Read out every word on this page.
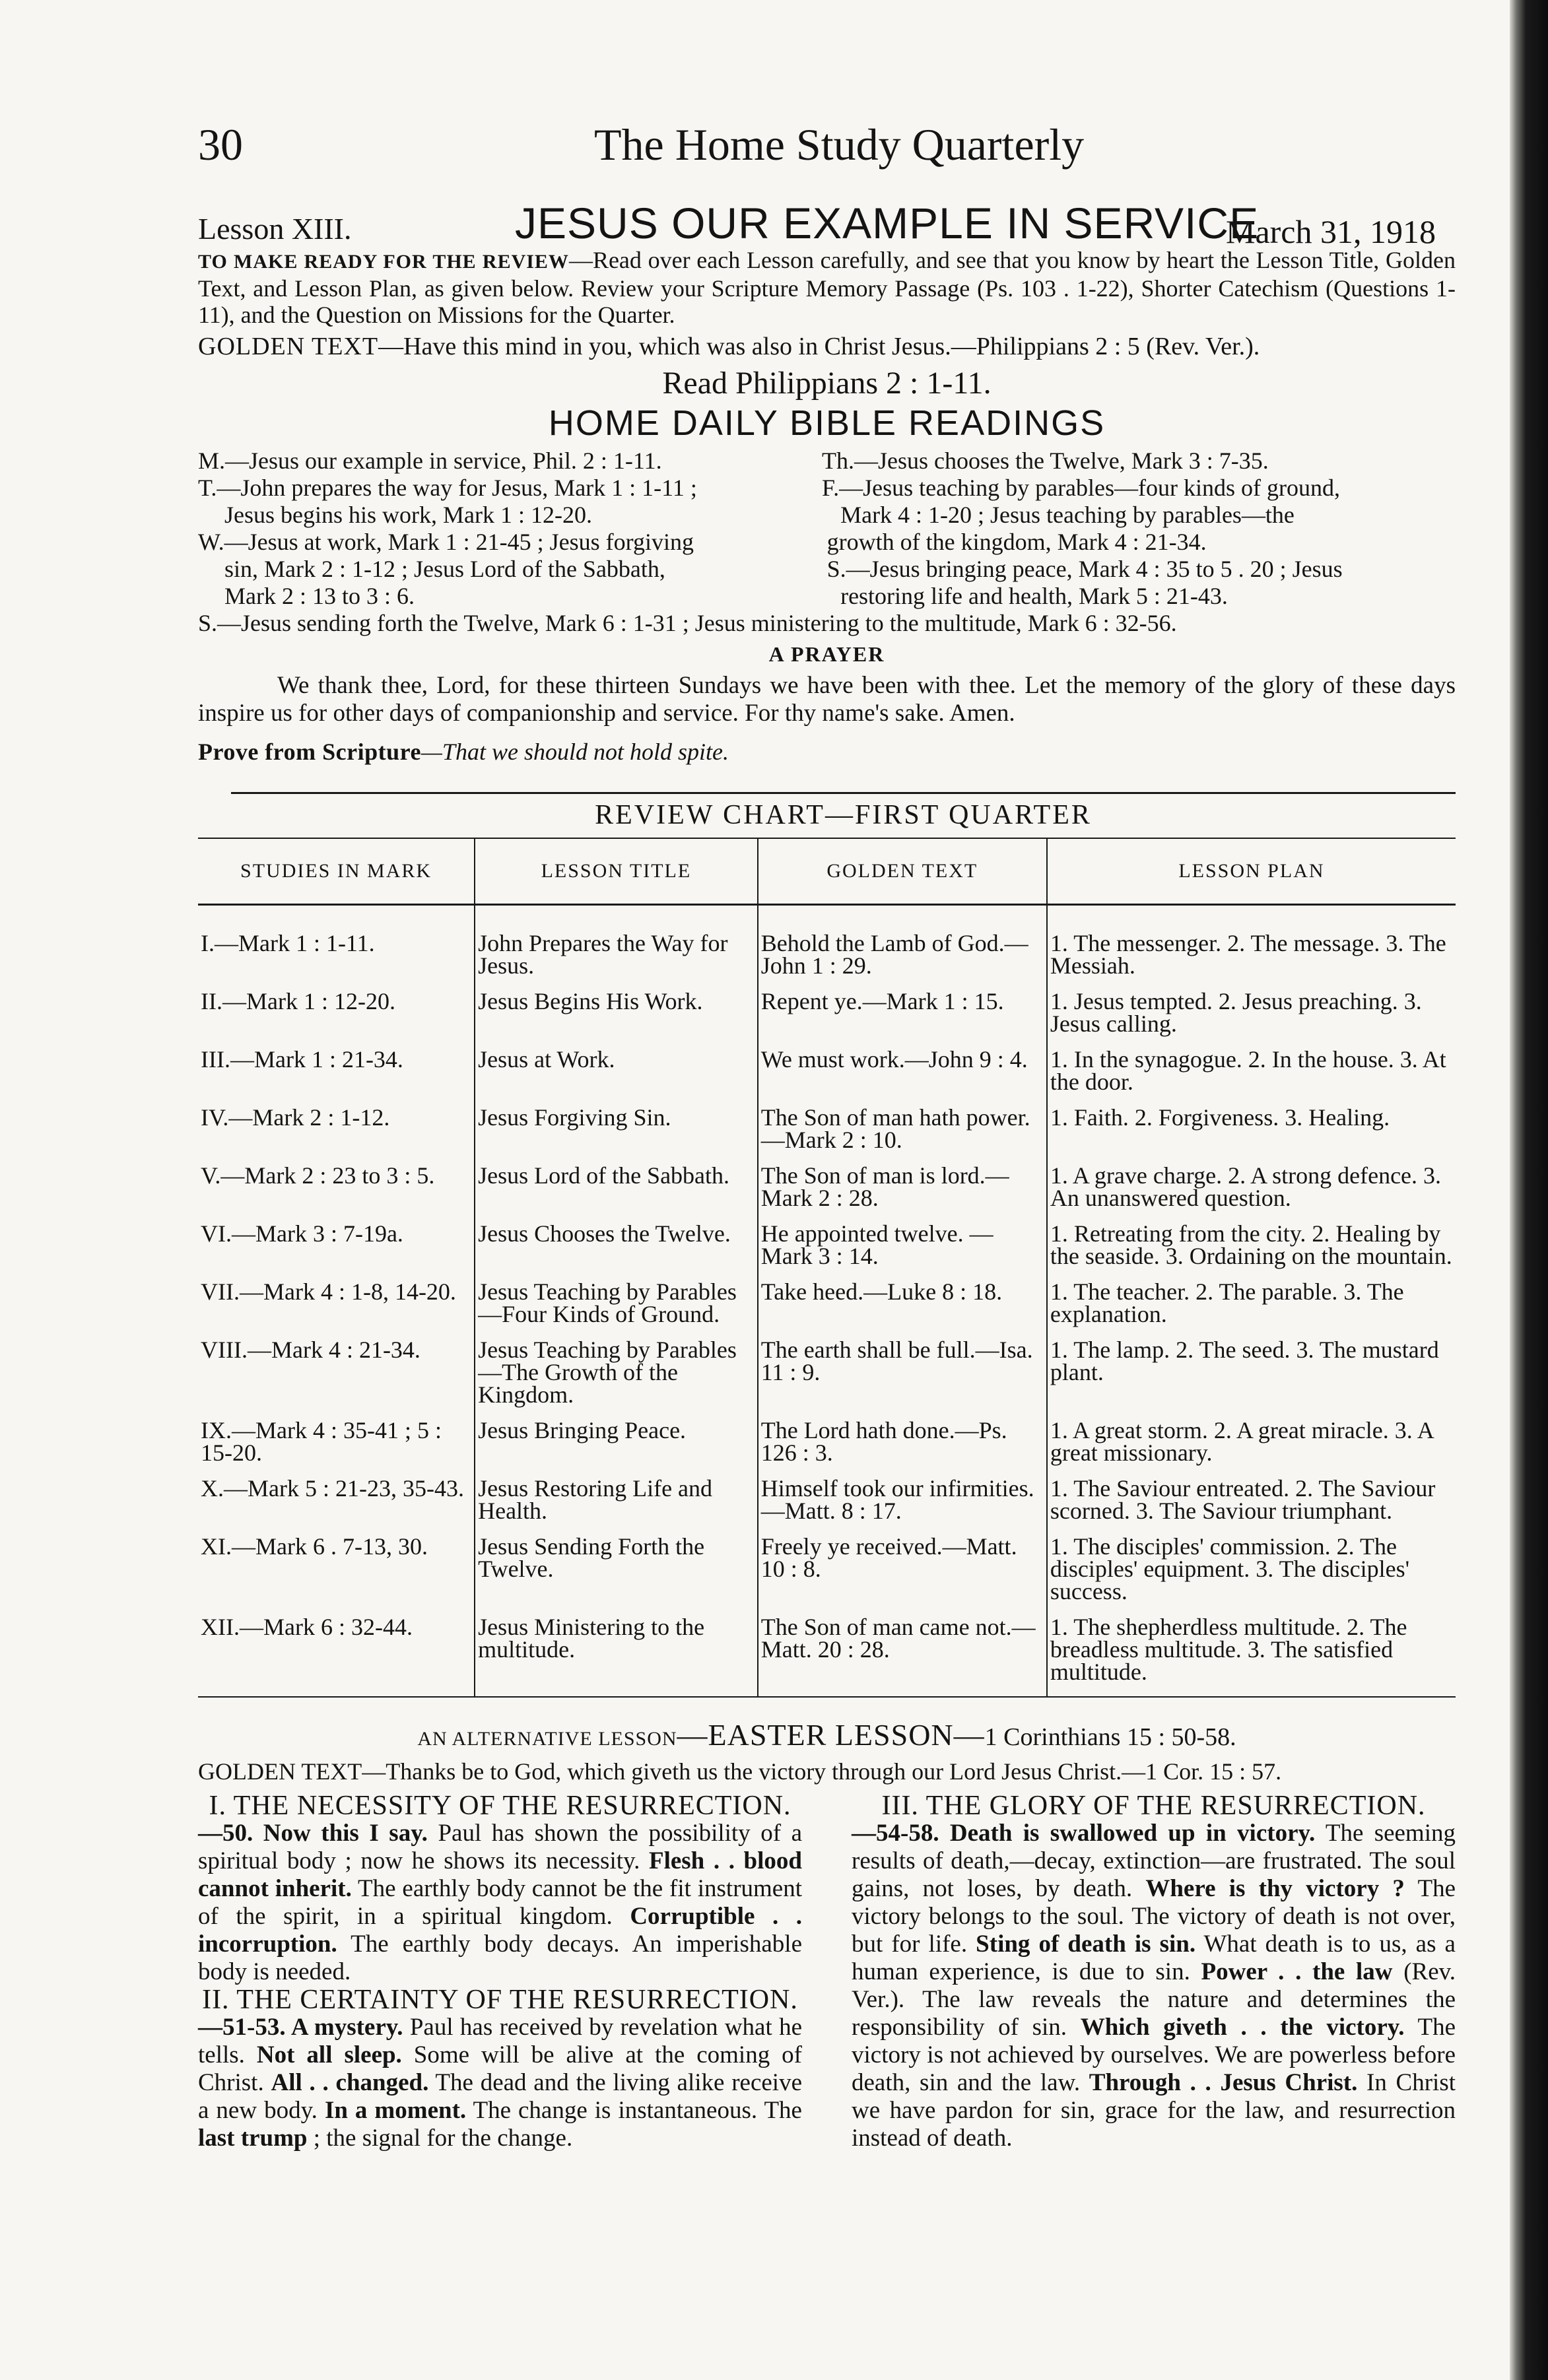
30	The Home Study Quarterly
Lesson XIII.	JESUS OUR EXAMPLE IN SERVICE
March 31, 1918

TO MAKE READY FOR THE REVIEW—Read over each Lesson carefully, and see that you know by heart the Lesson Title, Golden Text, and Lesson Plan, as given below. Review your Scripture Memory Passage (Ps. 103 . 1-22), Shorter Catechism (Questions 1-11), and the Question on Missions for the Quarter.

GOLDEN TEXT—Have this mind in you, which was also in Christ Jesus.—Philippians 2 : 5 (Rev. Ver.).
Read Philippians 2 : 1-11.
HOME DAILY BIBLE READINGS
M.—Jesus our example in service, Phil. 2 : 1-11.	Th.—Jesus chooses the Twelve, Mark 3 : 7-35.
T.—John prepares the way for Jesus, Mark 1 : 1-11 ;	F.—Jesus teaching by parables—four kinds of ground,
Jesus begins his work, Mark 1 : 12-20.	Mark 4 : 1-20 ; Jesus teaching by parables—the
W.—Jesus at work, Mark 1 : 21-45 ; Jesus forgiving	growth of the kingdom, Mark 4 : 21-34.
sin, Mark 2 : 1-12 ; Jesus Lord of the Sabbath,	S.—Jesus bringing peace, Mark 4 : 35 to 5 . 20 ; Jesus
Mark 2 : 13 to 3 : 6.	restoring life and health, Mark 5 : 21-43.
S.—Jesus sending forth the Twelve, Mark 6 : 1-31 ; Jesus ministering to the multitude, Mark 6 : 32-56.
A PRAYER

We thank thee, Lord, for these thirteen Sundays we have been with thee. Let the memory of the glory of these days inspire us for other days of companionship and service. For thy name's sake. Amen.

Prove from Scripture—That we should not hold spite.
REVIEW CHART—FIRST QUARTER
STUDIES IN MARK	LESSON TITLE	GOLDEN TEXT	LESSON PLAN
I.—Mark 1 : 1-11.	John Prepares the Way for Jesus.	Behold the Lamb of God.—John 1 : 29.	1. The messenger. 2. The message. 3. The Messiah.
II.—Mark 1 : 12-20.	Jesus Begins His Work.	Repent ye.—Mark 1 : 15.	1. Jesus tempted. 2. Jesus preaching. 3. Jesus calling.
III.—Mark 1 : 21-34.	Jesus at Work.	We must work.—John 9 : 4.	1. In the synagogue. 2. In the house. 3. At the door.
IV.—Mark 2 : 1-12.	Jesus Forgiving Sin.	The Son of man hath power.—Mark 2 : 10.	1. Faith. 2. Forgiveness. 3. Healing.
V.—Mark 2 : 23 to 3 : 5.	Jesus Lord of the Sabbath.	The Son of man is lord.—Mark 2 : 28.	1. A grave charge. 2. A strong defence. 3. An unanswered question.
VI.—Mark 3 : 7-19a.	Jesus Chooses the Twelve.	He appointed twelve. —Mark 3 : 14.	1. Retreating from the city. 2. Healing by the seaside. 3. Ordaining on the mountain.
VII.—Mark 4 : 1-8, 14-20.	Jesus Teaching by Parables —Four Kinds of Ground.	Take heed.—Luke 8 : 18.	1. The teacher. 2. The parable. 3. The explanation.
VIII.—Mark 4 : 21-34.	Jesus Teaching by Parables—The Growth of the Kingdom.	The earth shall be full.—Isa. 11 : 9.	1. The lamp. 2. The seed. 3. The mustard plant.
IX.—Mark 4 : 35-41 ; 5 : 15-20.	Jesus Bringing Peace.	The Lord hath done.—Ps. 126 : 3.	1. A great storm. 2. A great miracle. 3. A great missionary.
X.—Mark 5 : 21-23, 35-43.	Jesus Restoring Life and Health.	Himself took our infirmities.—Matt. 8 : 17.	1. The Saviour entreated. 2. The Saviour scorned. 3. The Saviour triumphant.
XI.—Mark 6 . 7-13, 30.	Jesus Sending Forth the Twelve.	Freely ye received.—Matt. 10 : 8.	1. The disciples' commission. 2. The disciples' equipment. 3. The disciples' success.
XII.—Mark 6 : 32-44.	Jesus Ministering to the multitude.	The Son of man came not.—Matt. 20 : 28.	1. The shepherdless multitude. 2. The breadless multitude. 3. The satisfied multitude.
AN ALTERNATIVE LESSON—EASTER LESSON—1 Corinthians 15 : 50-58.
GOLDEN TEXT—Thanks be to God, which giveth us the victory through our Lord Jesus Christ.—1 Cor. 15 : 57.
I. THE NECESSITY OF THE RESURRECTION.
—50. Now this I say. Paul has shown the possibility of a spiritual body ; now he shows its necessity. Flesh . . blood cannot inherit. The earthly body cannot be the fit instrument of the spirit, in a spiritual kingdom. Corruptible . . incorruption. The earthly body decays. An imperishable body is needed.
II. THE CERTAINTY OF THE RESURRECTION.
—51-53. A mystery. Paul has received by revelation what he tells. Not all sleep. Some will be alive at the coming of Christ. All . . changed. The dead and the living alike receive a new body. In a moment. The change is instantaneous. The last trump ; the signal for the change.
III. THE GLORY OF THE RESURRECTION.
—54-58. Death is swallowed up in victory. The seeming results of death,—decay, extinction—are frustrated. The soul gains, not loses, by death. Where is thy victory ? The victory belongs to the soul. The victory of death is not over, but for life. Sting of death is sin. What death is to us, as a human experience, is due to sin. Power . . the law (Rev. Ver.). The law reveals the nature and determines the responsibility of sin. Which giveth . . the victory. The victory is not achieved by ourselves. We are powerless before death, sin and the law. Through . . Jesus Christ. In Christ we have pardon for sin, grace for the law, and resurrection instead of death.
